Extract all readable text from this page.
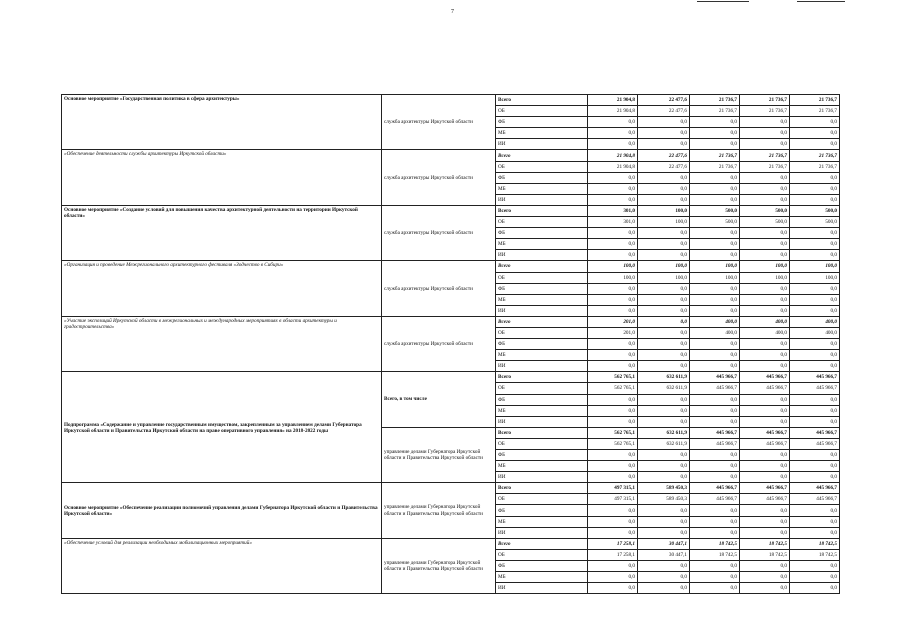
7
Основное мероприятие «Государственная политика в сфера архитектуры»	служба архитектуры Иркутской области	Всего	21 904,8	22 477,6	21 736,7	21 736,7	21 736,7
		ОБ	21 904,8	22 477,6	21 736,7	21 736,7	21 736,7
		ФБ	0,0	0,0	0,0	0,0	0,0
		МБ	0,0	0,0	0,0	0,0	0,0
		ИИ	0,0	0,0	0,0	0,0	0,0
«Обеспечение деятельности службы архитектуры Иркутской области»	служба архитектуры Иркутской области	Всего	21 904,8	22 477,6	21 736,7	21 736,7	21 736,7
		ОБ	21 904,8	22 477,6	21 736,7	21 736,7	21 736,7
		ФБ	0,0	0,0	0,0	0,0	0,0
		МБ	0,0	0,0	0,0	0,0	0,0
		ИИ	0,0	0,0	0,0	0,0	0,0
Основное мероприятие «Создание условий для повышения качества архитектурной деятельности на территории Иркутской области»	служба архитектуры Иркутской области	Всего	301,0	100,0	500,0	500,0	500,0
		ОБ	301,0	100,0	500,0	500,0	500,0
		ФБ	0,0	0,0	0,0	0,0	0,0
		МБ	0,0	0,0	0,0	0,0	0,0
		ИИ	0,0	0,0	0,0	0,0	0,0
«Организация и проведение Межрегионального архитектурного фестиваля «Зодчество в Сибири»	служба архитектуры Иркутской области	Всего	100,0	100,0	100,0	100,0	100,0
		ОБ	100,0	100,0	100,0	100,0	100,0
		ФБ	0,0	0,0	0,0	0,0	0,0
		МБ	0,0	0,0	0,0	0,0	0,0
		ИИ	0,0	0,0	0,0	0,0	0,0
«Участие экспозиций Иркутской области в межрегиональных и международных мероприятиях в области архитектуры и градостроительства»	служба архитектуры Иркутской области	Всего	201,0	0,0	400,0	400,0	400,0
		ОБ	201,0	0,0	400,0	400,0	400,0
		ФБ	0,0	0,0	0,0	0,0	0,0
		МБ	0,0	0,0	0,0	0,0	0,0
		ИИ	0,0	0,0	0,0	0,0	0,0
Подпрограмма «Содержание и управление государственным имуществом, закрепленным за управлением делами Губернатора Иркутской области и Правительства Иркутской области на праве оперативного управления» на 2018-2022 годы	Всего, в том числе	Всего	562 765,1	632 611,9	445 966,7	445 966,7	445 966,7
		ОБ	562 765,1	632 611,9	445 966,7	445 966,7	445 966,7
		ФБ	0,0	0,0	0,0	0,0	0,0
		МБ	0,0	0,0	0,0	0,0	0,0
		ИИ	0,0	0,0	0,0	0,0	0,0
	управление делами Губернатора Иркутской области и Правительства Иркутской области	Всего	562 765,1	632 611,9	445 966,7	445 966,7	445 966,7
		ОБ	562 765,1	632 611,9	445 966,7	445 966,7	445 966,7
		ФБ	0,0	0,0	0,0	0,0	0,0
		МБ	0,0	0,0	0,0	0,0	0,0
		ИИ	0,0	0,0	0,0	0,0	0,0
Основное мероприятие «Обеспечение реализации полномочий управления делами Губернатора Иркутской области и Правительства Иркутской области»	управление делами Губернатора Иркутской области и Правительства Иркутской области	Всего	497 315,1	589 450,3	445 966,7	445 966,7	445 966,7
		ОБ	497 315,1	589 450,3	445 966,7	445 966,7	445 966,7
		ФБ	0,0	0,0	0,0	0,0	0,0
		МБ	0,0	0,0	0,0	0,0	0,0
		ИИ	0,0	0,0	0,0	0,0	0,0
«Обеспечение условий для реализации необходимых мобилизационных мероприятий»	управление делами Губернатора Иркутской области и Правительства Иркутской области	Всего	17 258,1	30 447,1	18 742,5	18 742,5	18 742,5
		ОБ	17 258,1	30 447,1	18 742,5	18 742,5	18 742,5
		ФБ	0,0	0,0	0,0	0,0	0,0
		МБ	0,0	0,0	0,0	0,0	0,0
		ИИ	0,0	0,0	0,0	0,0	0,0
